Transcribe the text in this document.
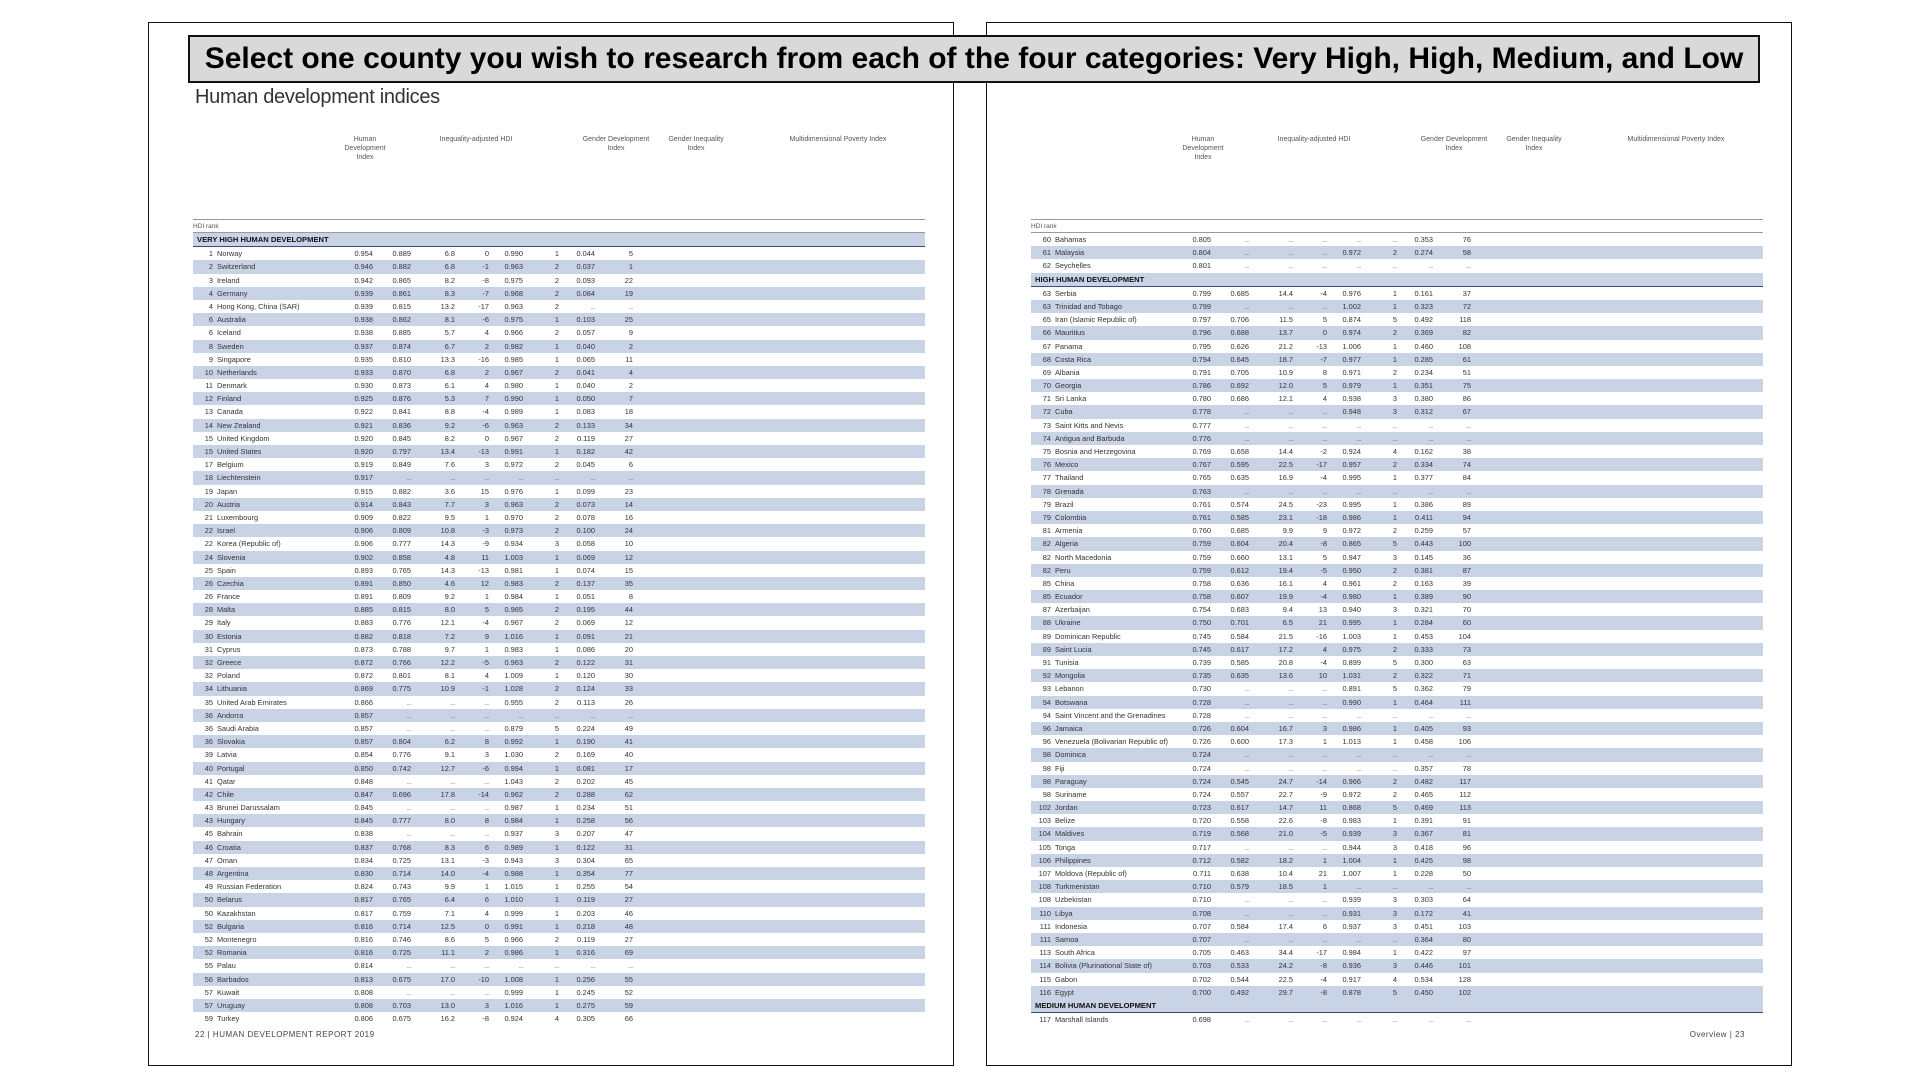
Human development indices
Human Development Index
Inequality-adjusted HDI	Gender Development Index
Gender Inequality Index
Multidimensional Poverty Index
HDI rank
VERY HIGH HUMAN DEVELOPMENT
1 Norway	0.954	0.889	6.8	0	0.990	1	0.044	5
2 Switzerland	0.946	0.882	6.8	-1	0.963	2	0.037	1
3 Ireland	0.942	0.865	8.2	-8	0.975	2	0.093	22
4 Germany	0.939	0.861	8.3	-7	0.968	2	0.084	19
4 Hong Kong, China (SAR)	0.939	0.815	13.2	-17	0.963	2	..	..
6 Australia	0.938	0.862	8.1	-6	0.975	1	0.103	25
6 Iceland	0.938	0.885	5.7	4	0.966	2	0.057	9
8 Sweden	0.937	0.874	6.7	2	0.982	1	0.040	2
9 Singapore	0.935	0.810	13.3	-16	0.985	1	0.065	11
10 Netherlands	0.933	0.870	6.8	2	0.967	2	0.041	4
11 Denmark	0.930	0.873	6.1	4	0.980	1	0.040	2
12 Finland	0.925	0.876	5.3	7	0.990	1	0.050	7
13 Canada	0.922	0.841	8.8	-4	0.989	1	0.083	18
14 New Zealand	0.921	0.836	9.2	-6	0.963	2	0.133	34
15 United Kingdom	0.920	0.845	8.2	0	0.967	2	0.119	27
15 United States	0.920	0.797	13.4	-13	0.991	1	0.182	42
17 Belgium	0.919	0.849	7.6	3	0.972	2	0.045	6
18 Liechtenstein	0.917	..	..	..	..	..	..	..
19 Japan	0.915	0.882	3.6	15	0.976	1	0.099	23
20 Austria	0.914	0.843	7.7	3	0.963	2	0.073	14
21 Luxembourg	0.909	0.822	9.5	1	0.970	2	0.078	16
22 Israel	0.906	0.809	10.8	-3	0.973	2	0.100	24
22 Korea (Republic of)	0.906	0.777	14.3	-9	0.934	3	0.058	10
24 Slovenia	0.902	0.858	4.8	11	1.003	1	0.069	12
25 Spain	0.893	0.765	14.3	-13	0.981	1	0.074	15
26 Czechia	0.891	0.850	4.6	12	0.983	2	0.137	35
26 France	0.891	0.809	9.2	1	0.984	1	0.051	8
28 Malta	0.885	0.815	8.0	5	0.965	2	0.195	44
29 Italy	0.883	0.776	12.1	-4	0.967	2	0.069	12
30 Estonia	0.882	0.818	7.2	9	1.016	1	0.091	21
31 Cyprus	0.873	0.788	9.7	1	0.983	1	0.086	20
32 Greece	0.872	0.766	12.2	-5	0.963	2	0.122	31
32 Poland	0.872	0.801	8.1	4	1.009	1	0.120	30
34 Lithuania	0.869	0.775	10.9	-1	1.028	2	0.124	33
35 United Arab Emirates	0.866	..	..	..	0.955	2	0.113	26
36 Andorra	0.857	..	..	..	..	..	..	..
36 Saudi Arabia	0.857	..	..	..	0.879	5	0.224	49
36 Slovakia	0.857	0.804	6.2	8	0.992	1	0.190	41
39 Latvia	0.854	0.776	9.1	3	1.030	2	0.169	40
40 Portugal	0.850	0.742	12.7	-6	0.994	1	0.081	17
41 Qatar	0.848	..	..	..	1.043	2	0.202	45
42 Chile	0.847	0.696	17.8	-14	0.962	2	0.288	62
43 Brunei Darussalam	0.845	..	..	..	0.987	1	0.234	51
43 Hungary	0.845	0.777	8.0	8	0.984	1	0.258	56
45 Bahrain	0.838	..	..	..	0.937	3	0.207	47
46 Croatia	0.837	0.768	8.3	6	0.989	1	0.122	31
47 Oman	0.834	0.725	13.1	-3	0.943	3	0.304	65
48 Argentina	0.830	0.714	14.0	-4	0.988	1	0.354	77
49 Russian Federation	0.824	0.743	9.9	1	1.015	1	0.255	54
50 Belarus	0.817	0.765	6.4	6	1.010	1	0.119	27
50 Kazakhstan	0.817	0.759	7.1	4	0.999	1	0.203	46
52 Bulgaria	0.816	0.714	12.5	0	0.991	1	0.218	48
52 Montenegro	0.816	0.746	8.6	5	0.966	2	0.119	27
52 Romania	0.816	0.725	11.1	2	0.986	1	0.316	69
55 Palau	0.814	..	..	..	..	..	..	..
56 Barbados	0.813	0.675	17.0	-10	1.008	1	0.256	55
57 Kuwait	0.808	..	..	..	0.999	1	0.245	52
57 Uruguay	0.808	0.703	13.0	3	1.016	1	0.275	59
59 Turkey	0.806	0.675	16.2	-8	0.924	4	0.305	66
22 | HUMAN DEVELOPMENT REPORT 2019
Human Development Index
Inequality-adjusted HDI	Gender Development Index
Gender Inequality Index
Multidimensional Poverty Index
HDI rank
60 Bahamas	0.805	..	..	..	..	..	0.353	76
61 Malaysia	0.804	..	..	..	0.972	2	0.274	58
62 Seychelles	0.801	..	..	..	..	..	..	..
HIGH HUMAN DEVELOPMENT
63 Serbia	0.799	0.685	14.4	-4	0.976	1	0.161	37
63 Trinidad and Tobago	0.799	..	..	..	1.002	1	0.323	72
65 Iran (Islamic Republic of)	0.797	0.706	11.5	5	0.874	5	0.492	118
66 Mauritius	0.796	0.688	13.7	0	0.974	2	0.369	82
67 Panama	0.795	0.626	21.2	-13	1.006	1	0.460	108
68 Costa Rica	0.794	0.645	18.7	-7	0.977	1	0.285	61
69 Albania	0.791	0.705	10.9	8	0.971	2	0.234	51
70 Georgia	0.786	0.692	12.0	5	0.979	1	0.351	75
71 Sri Lanka	0.780	0.686	12.1	4	0.938	3	0.380	86
72 Cuba	0.778	..	..	..	0.948	3	0.312	67
73 Saint Kitts and Nevis	0.777	..	..	..	..	..	..	..
74 Antigua and Barbuda	0.776	..	..	..	..	..	..	..
75 Bosnia and Herzegovina	0.769	0.658	14.4	-2	0.924	4	0.162	38
76 Mexico	0.767	0.595	22.5	-17	0.957	2	0.334	74
77 Thailand	0.765	0.635	16.9	-4	0.995	1	0.377	84
78 Grenada	0.763	..	..	..	..	..	..	..
79 Brazil	0.761	0.574	24.5	-23	0.995	1	0.386	89
79 Colombia	0.761	0.585	23.1	-18	0.986	1	0.411	94
81 Armenia	0.760	0.685	9.9	9	0.972	2	0.259	57
82 Algeria	0.759	0.604	20.4	-8	0.865	5	0.443	100
82 North Macedonia	0.759	0.660	13.1	5	0.947	3	0.145	36
82 Peru	0.759	0.612	19.4	-5	0.950	2	0.381	87
85 China	0.758	0.636	16.1	4	0.961	2	0.163	39
85 Ecuador	0.758	0.607	19.9	-4	0.980	1	0.389	90
87 Azerbaijan	0.754	0.683	9.4	13	0.940	3	0.321	70
88 Ukraine	0.750	0.701	6.5	21	0.995	1	0.284	60
89 Dominican Republic	0.745	0.584	21.5	-16	1.003	1	0.453	104
89 Saint Lucia	0.745	0.617	17.2	4	0.975	2	0.333	73
91 Tunisia	0.739	0.585	20.8	-4	0.899	5	0.300	63
92 Mongolia	0.735	0.635	13.6	10	1.031	2	0.322	71
93 Lebanon	0.730	..	..	..	0.891	5	0.362	79
94 Botswana	0.728	..	..	..	0.990	1	0.464	111
94 Saint Vincent and the Grenadines	0.728	..	..	..	..	..	..	..
96 Jamaica	0.726	0.604	16.7	3	0.986	1	0.405	93
96 Venezuela (Bolivarian Republic of)	0.726	0.600	17.3	1	1.013	1	0.458	106
98 Dominica	0.724	..	..	..	..	..	..	..
98 Fiji	0.724	..	..	..	..	..	0.357	78
98 Paraguay	0.724	0.545	24.7	-14	0.966	2	0.482	117
98 Suriname	0.724	0.557	22.7	-9	0.972	2	0.465	112
102 Jordan	0.723	0.617	14.7	11	0.868	5	0.469	113
103 Belize	0.720	0.558	22.6	-8	0.983	1	0.391	91
104 Maldives	0.719	0.568	21.0	-5	0.939	3	0.367	81
105 Tonga	0.717	..	..	..	0.944	3	0.418	96
106 Philippines	0.712	0.582	18.2	1	1.004	1	0.425	98
107 Moldova (Republic of)	0.711	0.638	10.4	21	1.007	1	0.228	50
108 Turkmenistan	0.710	0.579	18.5	1	..	..	..	..
108 Uzbekistan	0.710	..	..	..	0.939	3	0.303	64
110 Libya	0.708	..	..	..	0.931	3	0.172	41
111 Indonesia	0.707	0.584	17.4	6	0.937	3	0.451	103
111 Samoa	0.707	..	..	..	..	..	0.364	80
113 South Africa	0.705	0.463	34.4	-17	0.984	1	0.422	97
114 Bolivia (Plurinational State of)	0.703	0.533	24.2	-8	0.936	3	0.446	101
115 Gabon	0.702	0.544	22.5	-4	0.917	4	0.534	128
116 Egypt	0.700	0.492	29.7	-8	0.878	5	0.450	102
MEDIUM HUMAN DEVELOPMENT
117 Marshall Islands	0.698	..	..	..	..	..	..	..
Overview | 23
Select one county you wish to research from each of the four categories: Very High, High, Medium, and Low
